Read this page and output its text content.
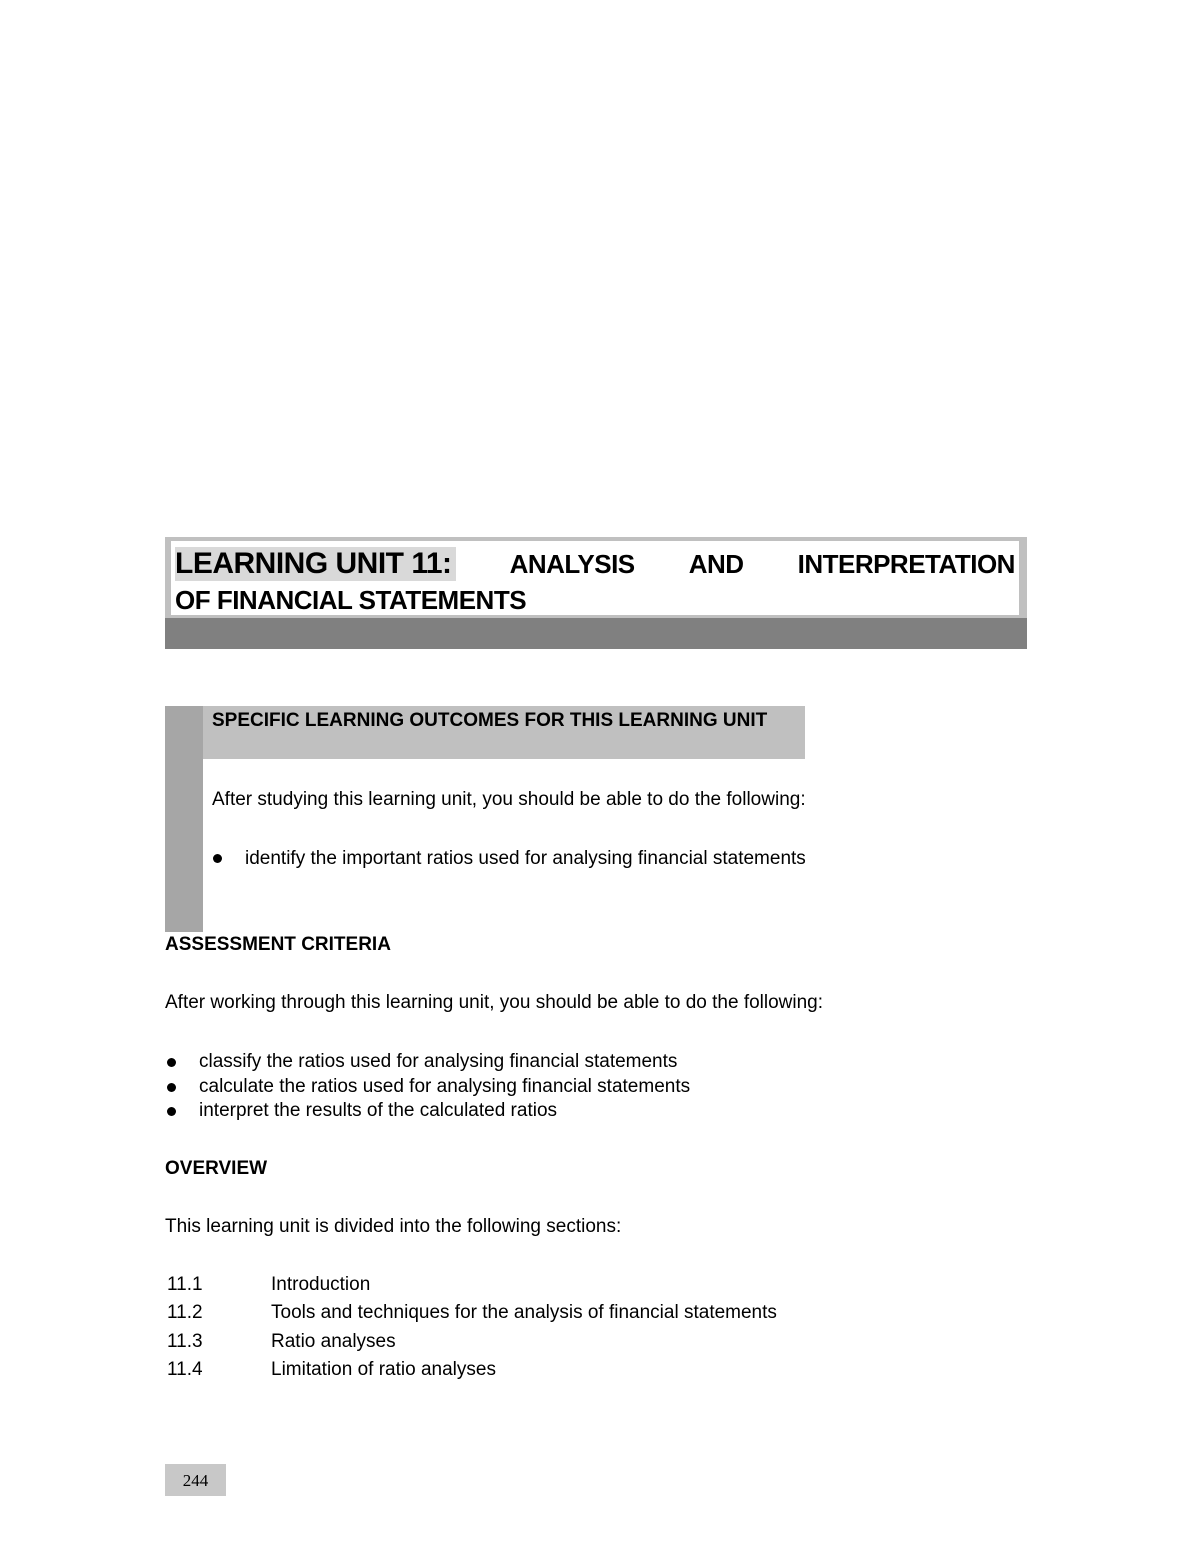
LEARNING UNIT 11: ANALYSIS AND INTERPRETATION
OF FINANCIAL STATEMENTS
SPECIFIC LEARNING OUTCOMES FOR THIS LEARNING UNIT
After studying this learning unit, you should be able to do the following:
identify the important ratios used for analysing financial statements
ASSESSMENT CRITERIA
After working through this learning unit, you should be able to do the following:
classify the ratios used for analysing financial statements
calculate the ratios used for analysing financial statements
interpret the results of the calculated ratios
OVERVIEW
This learning unit is divided into the following sections:
11.1	Introduction
11.2	Tools and techniques for the analysis of financial statements
11.3	Ratio analyses
11.4	Limitation of ratio analyses
244
